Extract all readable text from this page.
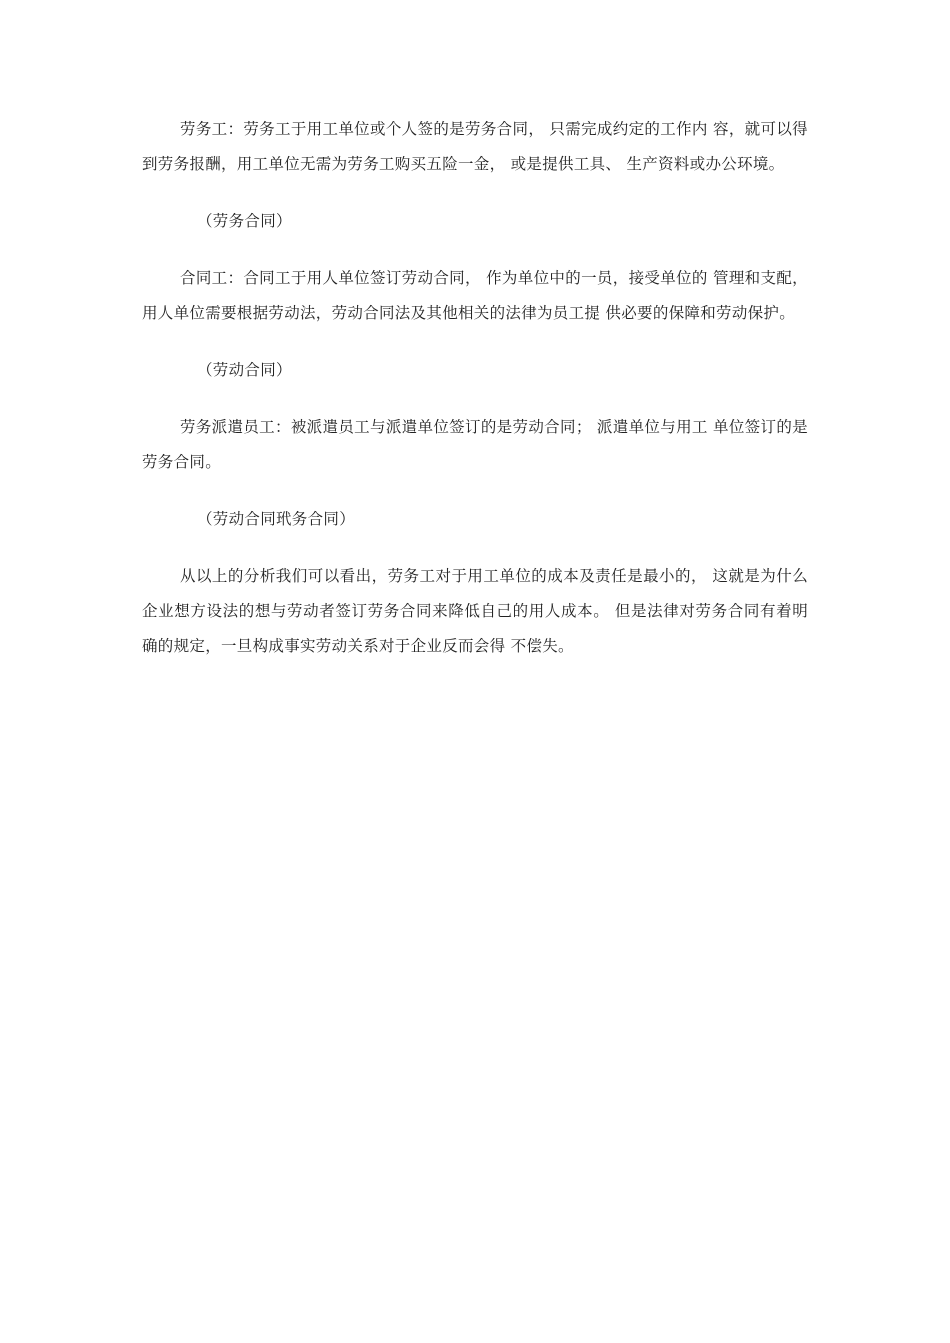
劳务工：劳务工于用工单位或个人签的是劳务合同， 只需完成约定的工作内 容，就可以得到劳务报酬，用工单位无需为劳务工购买五险一金， 或是提供工具、 生产资料或办公环境。

（劳务合同）

合同工：合同工于用人单位签订劳动合同， 作为单位中的一员，接受单位的 管理和支配，用人单位需要根据劳动法，劳动合同法及其他相关的法律为员工提 供必要的保障和劳动保护。

（劳动合同）

劳务派遣员工：被派遣员工与派遣单位签订的是劳动合同； 派遣单位与用工 单位签订的是劳务合同。

（劳动合同玳务合同）

从以上的分析我们可以看出，劳务工对于用工单位的成本及责任是最小的， 这就是为什么企业想方设法的想与劳动者签订劳务合同来降低自己的用人成本。 但是法律对劳务合同有着明确的规定，一旦构成事实劳动关系对于企业反而会得 不偿失。
